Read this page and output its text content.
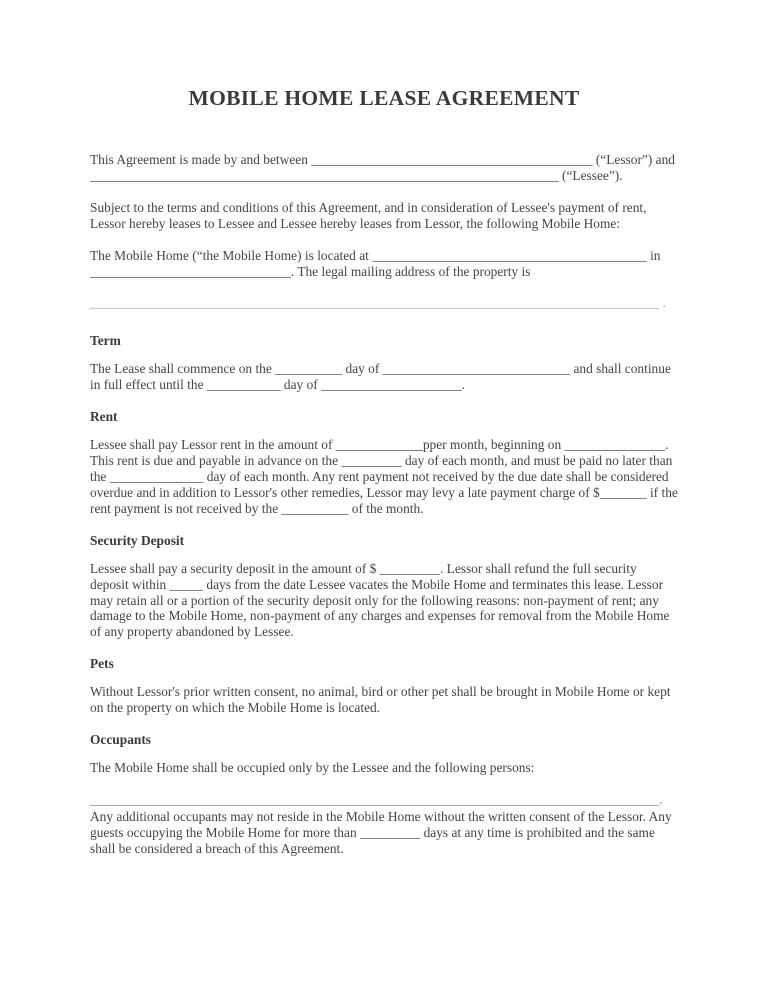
MOBILE HOME LEASE AGREEMENT

This Agreement is made by and between __________________________________________ (“Lessor”) and ______________________________________________________________________ (“Lessee”).

Subject to the terms and conditions of this Agreement, and in consideration of Lessee's payment of rent, Lessor hereby leases to Lessee and Lessee hereby leases from Lessor, the following Mobile Home:

The Mobile Home (“the Mobile Home) is located at _________________________________________ in ______________________________. The legal mailing address of the property is

_____________________________________________________________________________________ .
Term

The Lease shall commence on the __________ day of ____________________________ and shall continue in full effect until the ___________ day of _____________________.

Rent

Lessee shall pay Lessor rent in the amount of _____________pper month, beginning on _______________. This rent is due and payable in advance on the _________ day of each month, and must be paid no later than the ______________ day of each month. Any rent payment not received by the due date shall be considered overdue and in addition to Lessor's other remedies, Lessor may levy a late payment charge of $_______ if the rent payment is not received by the __________ of the month.

Security Deposit

Lessee shall pay a security deposit in the amount of $ _________. Lessor shall refund the full security deposit within _____ days from the date Lessee vacates the Mobile Home and terminates this lease. Lessor may retain all or a portion of the security deposit only for the following reasons: non-payment of rent; any damage to the Mobile Home, non-payment of any charges and expenses for removal from the Mobile Home of any property abandoned by Lessee.

Pets

Without Lessor's prior written consent, no animal, bird or other pet shall be brought in Mobile Home or kept on the property on which the Mobile Home is located.

Occupants

The Mobile Home shall be occupied only by the Lessee and the following persons:

_____________________________________________________________________________________.

Any additional occupants may not reside in the Mobile Home without the written consent of the Lessor. Any guests occupying the Mobile Home for more than _________ days at any time is prohibited and the same shall be considered a breach of this Agreement.
